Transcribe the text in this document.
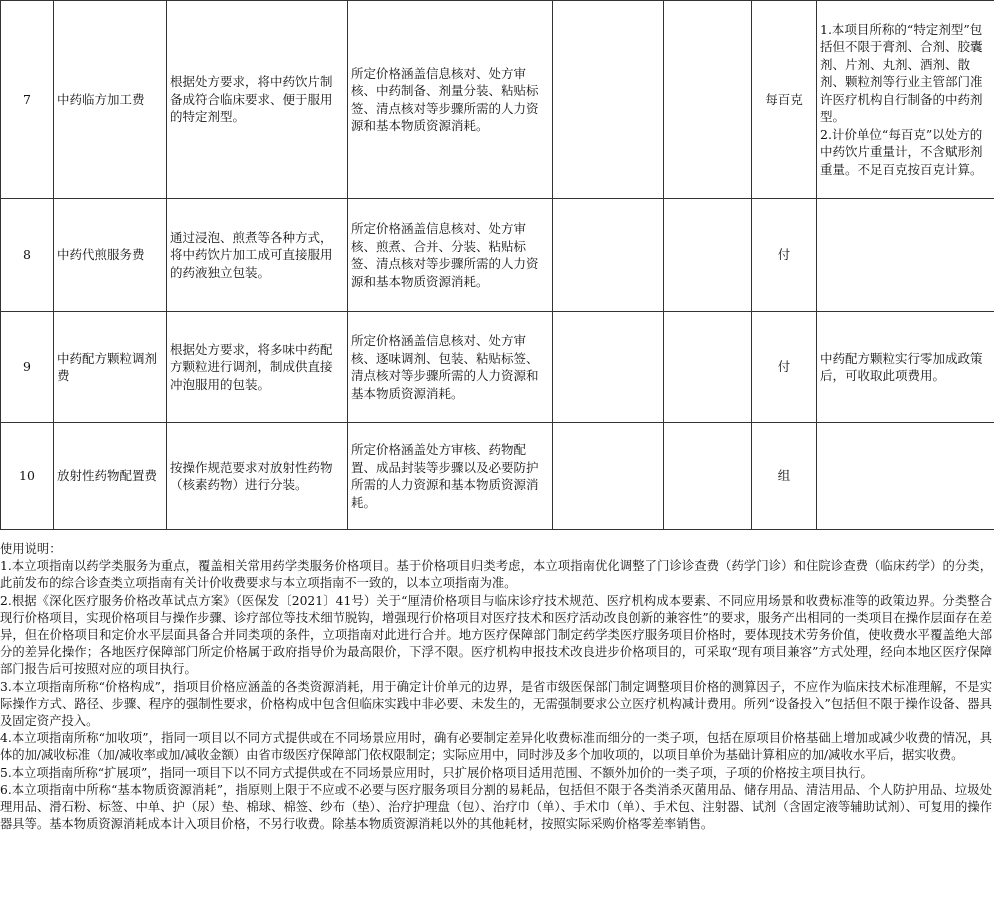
7	中药临方加工费	根据处方要求，将中药饮片制备成符合临床要求、便于服用的特定剂型。	所定价格涵盖信息核对、处方审核、中药制备、剂量分装、粘贴标签、清点核对等步骤所需的人力资源和基本物质资源消耗。			每百克	1.本项目所称的“特定剂型”包括但不限于膏剂、合剂、胶囊剂、片剂、丸剂、酒剂、散剂、颗粒剂等行业主管部门准许医疗机构自行制备的中药剂型。
2.计价单位“每百克”以处方的中药饮片重量计，不含赋形剂重量。不足百克按百克计算。
8	中药代煎服务费	通过浸泡、煎煮等各种方式，将中药饮片加工成可直接服用的药液独立包装。	所定价格涵盖信息核对、处方审核、煎煮、合并、分装、粘贴标签、清点核对等步骤所需的人力资源和基本物质资源消耗。			付	
9	中药配方颗粒调剂费	根据处方要求，将多味中药配方颗粒进行调剂，制成供直接冲泡服用的包装。	所定价格涵盖信息核对、处方审核、逐味调剂、包装、粘贴标签、清点核对等步骤所需的人力资源和基本物质资源消耗。			付	中药配方颗粒实行零加成政策后，可收取此项费用。
10	放射性药物配置费	按操作规范要求对放射性药物（核素药物）进行分装。	所定价格涵盖处方审核、药物配置、成品封装等步骤以及必要防护所需的人力资源和基本物质资源消耗。			组	

使用说明：

1.本立项指南以药学类服务为重点，覆盖相关常用药学类服务价格项目。基于价格项目归类考虑，本立项指南优化调整了门诊诊查费（药学门诊）和住院诊查费（临床药学）的分类，此前发布的综合诊查类立项指南有关计价收费要求与本立项指南不一致的，以本立项指南为准。

2.根据《深化医疗服务价格改革试点方案》（医保发〔2021〕41号）关于“厘清价格项目与临床诊疗技术规范、医疗机构成本要素、不同应用场景和收费标准等的政策边界。分类整合现行价格项目，实现价格项目与操作步骤、诊疗部位等技术细节脱钩，增强现行价格项目对医疗技术和医疗活动改良创新的兼容性”的要求，服务产出相同的一类项目在操作层面存在差异，但在价格项目和定价水平层面具备合并同类项的条件，立项指南对此进行合并。地方医疗保障部门制定药学类医疗服务项目价格时，要体现技术劳务价值，使收费水平覆盖绝大部分的差异化操作；各地医疗保障部门所定价格属于政府指导价为最高限价，下浮不限。医疗机构申报技术改良进步价格项目的，可采取“现有项目兼容”方式处理，经向本地区医疗保障部门报告后可按照对应的项目执行。

3.本立项指南所称“价格构成”，指项目价格应涵盖的各类资源消耗，用于确定计价单元的边界，是省市级医保部门制定调整项目价格的测算因子，不应作为临床技术标准理解，不是实际操作方式、路径、步骤、程序的强制性要求，价格构成中包含但临床实践中非必要、未发生的，无需强制要求公立医疗机构减计费用。所列“设备投入”包括但不限于操作设备、器具及固定资产投入。

4.本立项指南所称“加收项”，指同一项目以不同方式提供或在不同场景应用时，确有必要制定差异化收费标准而细分的一类子项，包括在原项目价格基础上增加或减少收费的情况，具体的加/减收标准（加/减收率或加/减收金额）由省市级医疗保障部门依权限制定；实际应用中，同时涉及多个加收项的，以项目单价为基础计算相应的加/减收水平后，据实收费。

5.本立项指南所称“扩展项”，指同一项目下以不同方式提供或在不同场景应用时，只扩展价格项目适用范围、不额外加价的一类子项，子项的价格按主项目执行。

6.本立项指南中所称“基本物质资源消耗”，指原则上限于不应或不必要与医疗服务项目分割的易耗品，包括但不限于各类消杀灭菌用品、储存用品、清洁用品、个人防护用品、垃圾处理用品、滑石粉、标签、中单、护（尿）垫、棉球、棉签、纱布（垫）、治疗护理盘（包）、治疗巾（单）、手术巾（单）、手术包、注射器、试剂（含固定液等辅助试剂）、可复用的操作器具等。基本物质资源消耗成本计入项目价格，不另行收费。除基本物质资源消耗以外的其他耗材，按照实际采购价格零差率销售。
